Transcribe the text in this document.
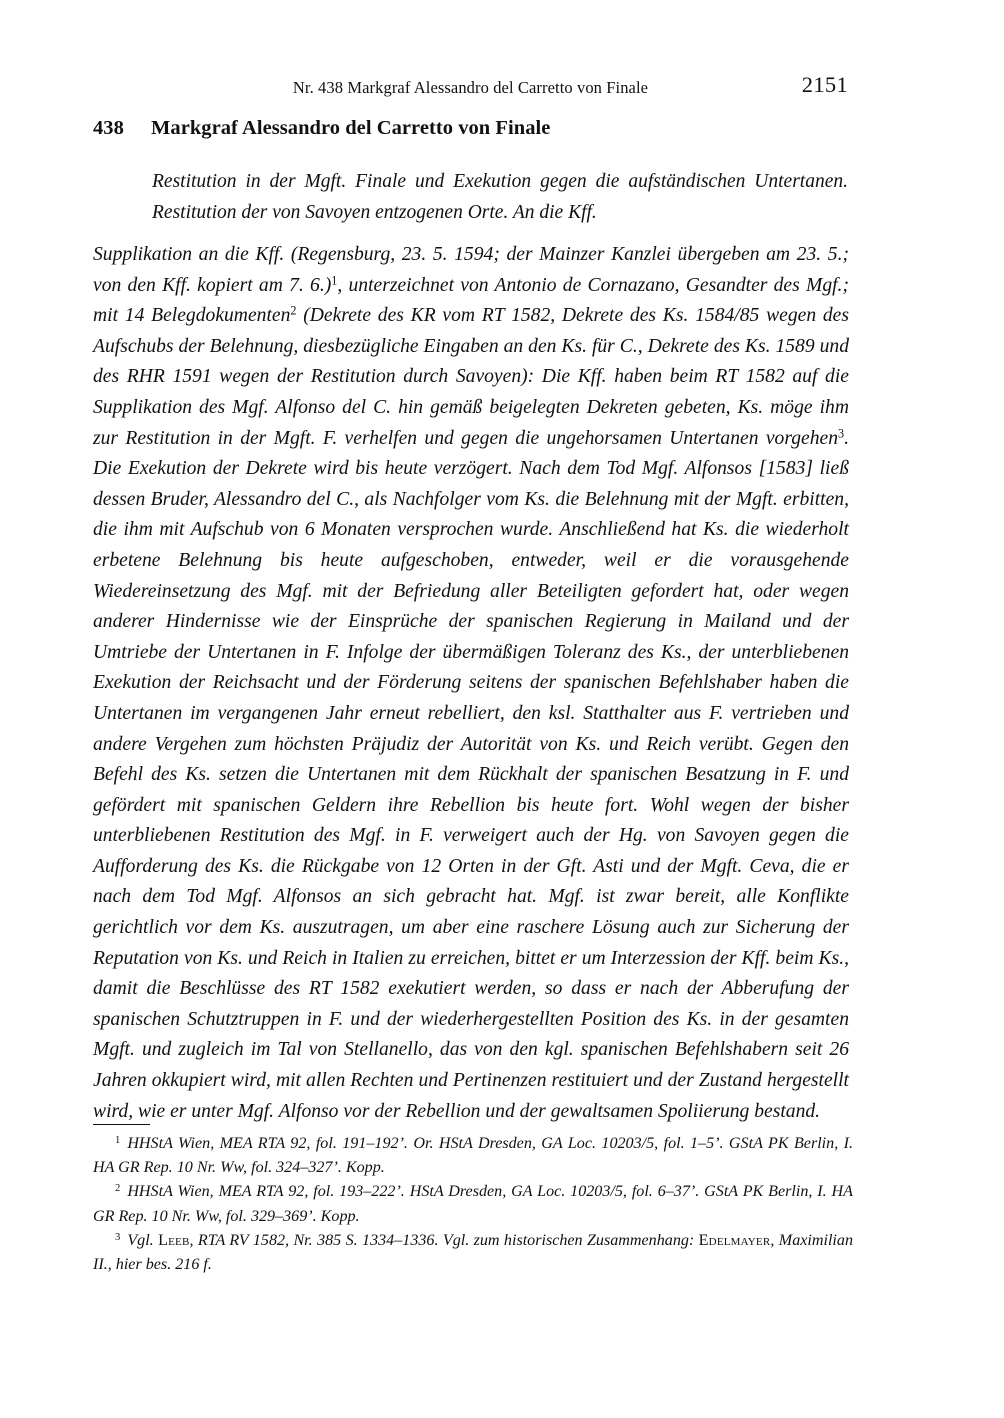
Nr. 438 Markgraf Alessandro del Carretto von Finale	2151
438 Markgraf Alessandro del Carretto von Finale
Restitution in der Mgft. Finale und Exekution gegen die aufständischen Untertanen. Restitution der von Savoyen entzogenen Orte. An die Kff.
Supplikation an die Kff. (Regensburg, 23. 5. 1594; der Mainzer Kanzlei übergeben am 23. 5.; von den Kff. kopiert am 7. 6.)$^1$, unterzeichnet von Antonio de Cornazano, Gesandter des Mgf.; mit 14 Belegdokumenten$^2$ (Dekrete des KR vom RT 1582, Dekrete des Ks. 1584/85 wegen des Aufschubs der Belehnung, diesbezügliche Eingaben an den Ks. für C., Dekrete des Ks. 1589 und des RHR 1591 wegen der Restitution durch Savoyen): Die Kff. haben beim RT 1582 auf die Supplikation des Mgf. Alfonso del C. hin gemäß beigelegten Dekreten gebeten, Ks. möge ihm zur Restitution in der Mgft. F. verhelfen und gegen die ungehorsamen Untertanen vorgehen$^3$. Die Exekution der Dekrete wird bis heute verzögert. Nach dem Tod Mgf. Alfonsos [1583] ließ dessen Bruder, Alessandro del C., als Nachfolger vom Ks. die Belehnung mit der Mgft. erbitten, die ihm mit Aufschub von 6 Monaten versprochen wurde. Anschließend hat Ks. die wiederholt erbetene Belehnung bis heute aufgeschoben, entweder, weil er die vorausgehende Wiedereinsetzung des Mgf. mit der Befriedung aller Beteiligten gefordert hat, oder wegen anderer Hindernisse wie der Einsprüche der spanischen Regierung in Mailand und der Umtriebe der Untertanen in F. Infolge der übermäßigen Toleranz des Ks., der unterbliebenen Exekution der Reichsacht und der Förderung seitens der spanischen Befehlshaber haben die Untertanen im vergangenen Jahr erneut rebelliert, den ksl. Statthalter aus F. vertrieben und andere Vergehen zum höchsten Präjudiz der Autorität von Ks. und Reich verübt. Gegen den Befehl des Ks. setzen die Untertanen mit dem Rückhalt der spanischen Besatzung in F. und gefördert mit spanischen Geldern ihre Rebellion bis heute fort. Wohl wegen der bisher unterbliebenen Restitution des Mgf. in F. verweigert auch der Hg. von Savoyen gegen die Aufforderung des Ks. die Rückgabe von 12 Orten in der Gft. Asti und der Mgft. Ceva, die er nach dem Tod Mgf. Alfonsos an sich gebracht hat. Mgf. ist zwar bereit, alle Konflikte gerichtlich vor dem Ks. auszutragen, um aber eine raschere Lösung auch zur Sicherung der Reputation von Ks. und Reich in Italien zu erreichen, bittet er um Interzession der Kff. beim Ks., damit die Beschlüsse des RT 1582 exekutiert werden, so dass er nach der Abberufung der spanischen Schutztruppen in F. und der wiederhergestellten Position des Ks. in der gesamten Mgft. und zugleich im Tal von Stellanello, das von den kgl. spanischen Befehlshabern seit 26 Jahren okkupiert wird, mit allen Rechten und Pertinenzen restituiert und der Zustand hergestellt wird, wie er unter Mgf. Alfonso vor der Rebellion und der gewaltsamen Spoliierung bestand.

$^1$ HHStA Wien, MEA RTA 92, fol. 191–192’. Or. HStA Dresden, GA Loc. 10203/5, fol. 1–5’. GStA PK Berlin, I. HA GR Rep. 10 Nr. Ww, fol. 324–327’. Kopp.

$^2$ HHStA Wien, MEA RTA 92, fol. 193–222’. HStA Dresden, GA Loc. 10203/5, fol. 6–37’. GStA PK Berlin, I. HA GR Rep. 10 Nr. Ww, fol. 329–369’. Kopp.

$^3$ Vgl. Leeb, RTA RV 1582, Nr. 385 S. 1334–1336. Vgl. zum historischen Zusammenhang: Edelmayer, Maximilian II., hier bes. 216 f.
